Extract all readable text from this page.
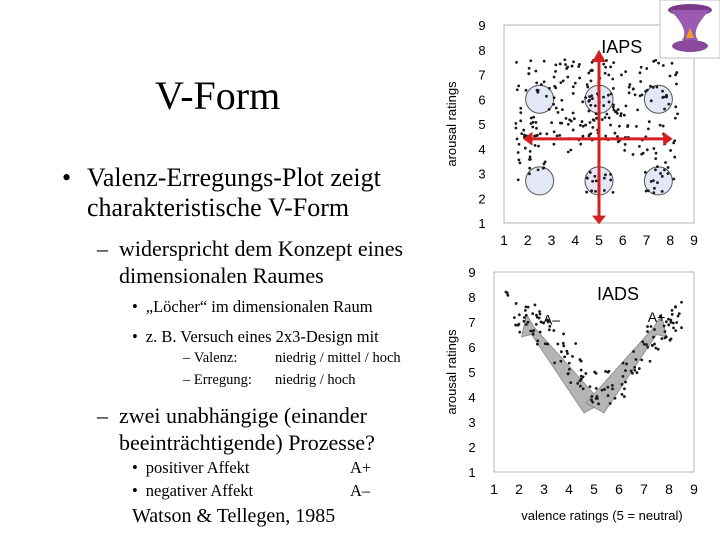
V-Form
• Valenz-Erregungs-Plot zeigt charakteristische V-Form
– widerspricht dem Konzept eines dimensionalen Raumes
• „Löcher“ im dimensionalen Raum
• z. B. Versuch eines 2x3-Design mit
– Valenz:	niedrig / mittel / hoch
– Erregung: niedrig / hoch
– zwei unabhängige (einander beeinträchtigende) Prozesse?
• positiver Affekt	A+
• negativer Affekt	A–
Watson & Tellegen, 1985
1
2
3
4
5
6
7
8
9
1 2 3 4 5 6 7 8 9
arousal ratings
IAPS
1
2
3
4
5
6
7
8
9
1 2 3 4 5 6 7 8 9
arousal ratings
IADS
valence ratings (5 = neutral)
A–	A+
